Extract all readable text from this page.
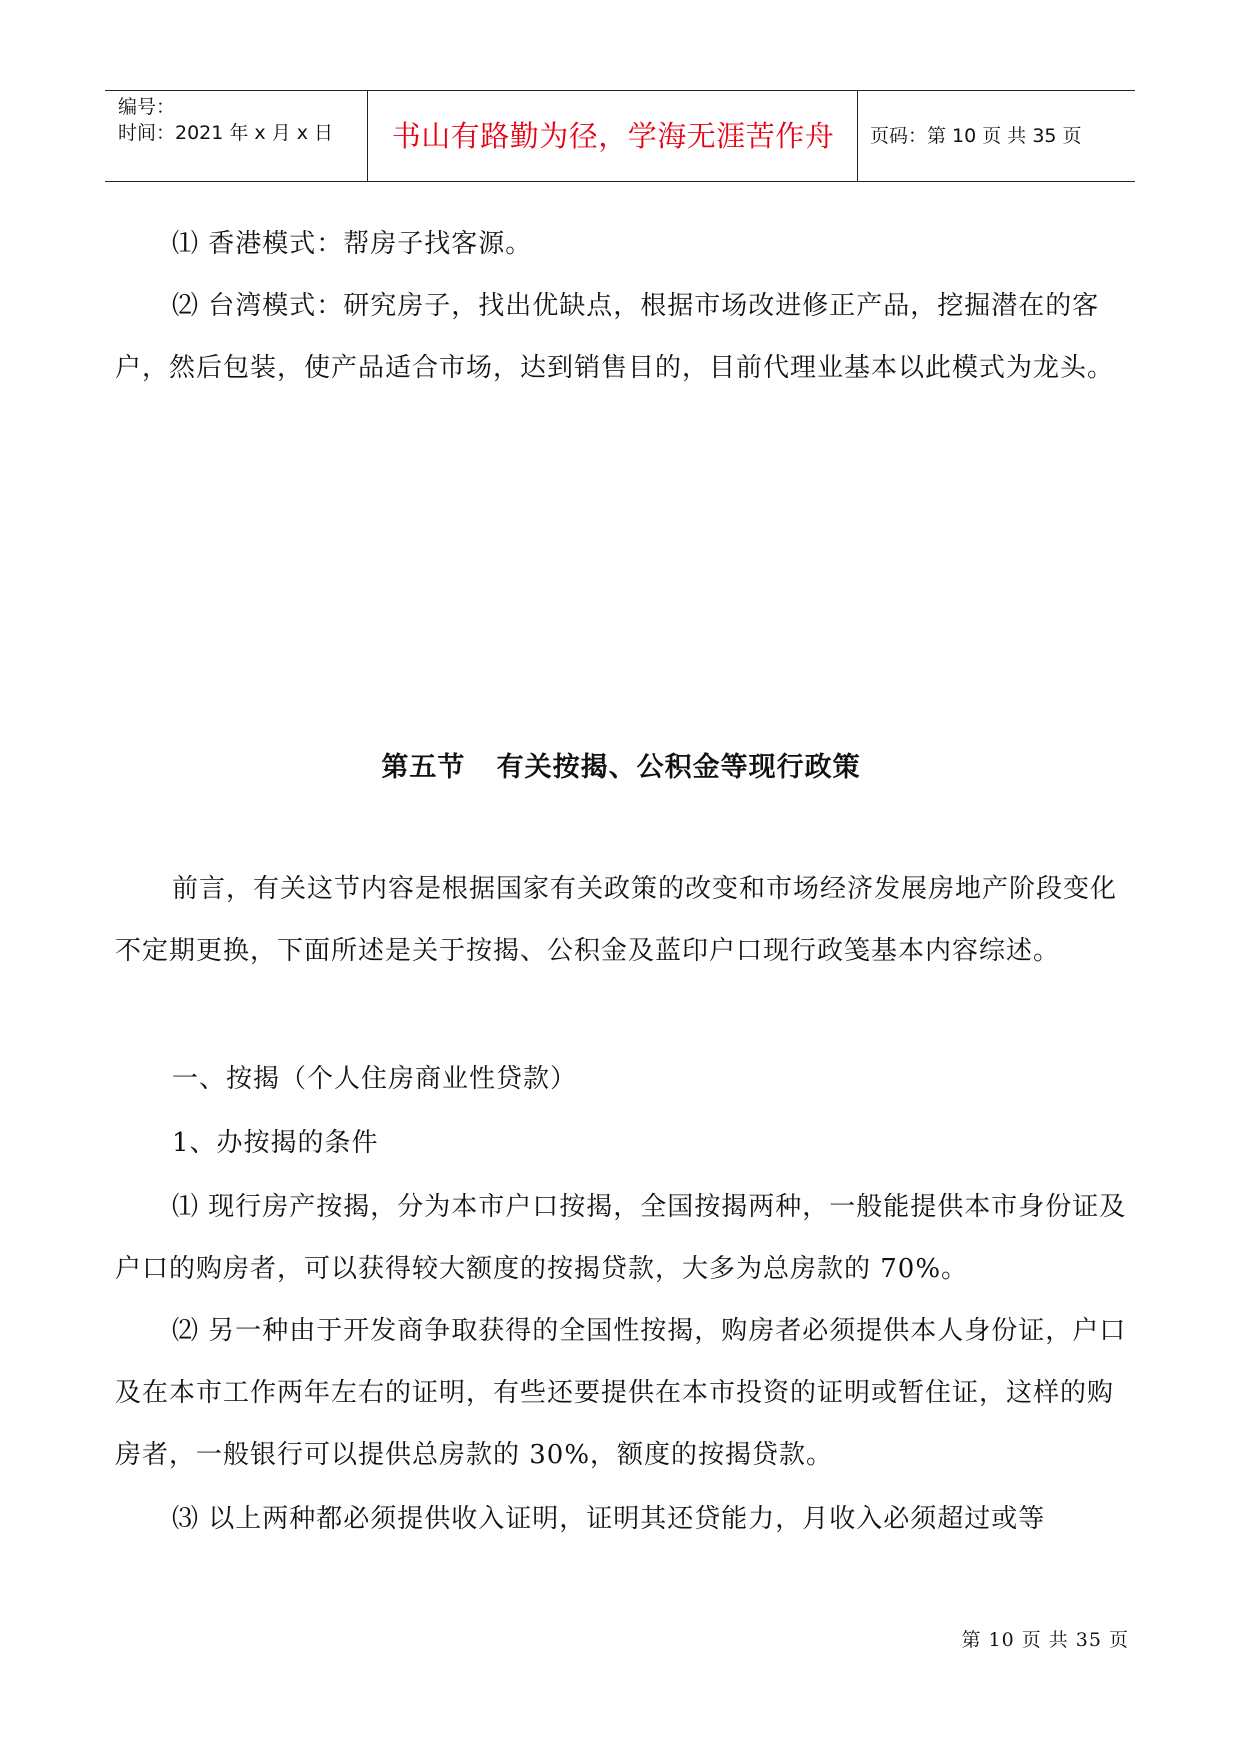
编号：
时间：2021 年 x 月 x 日	书山有路勤为径，学海无涯苦作舟	页码：第 10 页 共 35 页

⑴ 香港模式：帮房子找客源。

⑵ 台湾模式：研究房子，找出优缺点，根据市场改进修正产品，挖掘潜在的客户，然后包装，使产品适合市场，达到销售目的，目前代理业基本以此模式为龙头。

第五节   有关按揭、公积金等现行政策

前言，有关这节内容是根据国家有关政策的改变和市场经济发展房地产阶段变化不定期更换，下面所述是关于按揭、公积金及蓝印户口现行政笺基本内容综述。

一、按揭（个人住房商业性贷款）

1、办按揭的条件

⑴ 现行房产按揭，分为本市户口按揭，全国按揭两种，一般能提供本市身份证及户口的购房者，可以获得较大额度的按揭贷款，大多为总房款的 70%。

⑵ 另一种由于开发商争取获得的全国性按揭，购房者必须提供本人身份证，户口及在本市工作两年左右的证明，有些还要提供在本市投资的证明或暂住证，这样的购房者，一般银行可以提供总房款的 30%，额度的按揭贷款。

⑶ 以上两种都必须提供收入证明，证明其还贷能力，月收入必须超过或等

第 10 页 共 35 页
